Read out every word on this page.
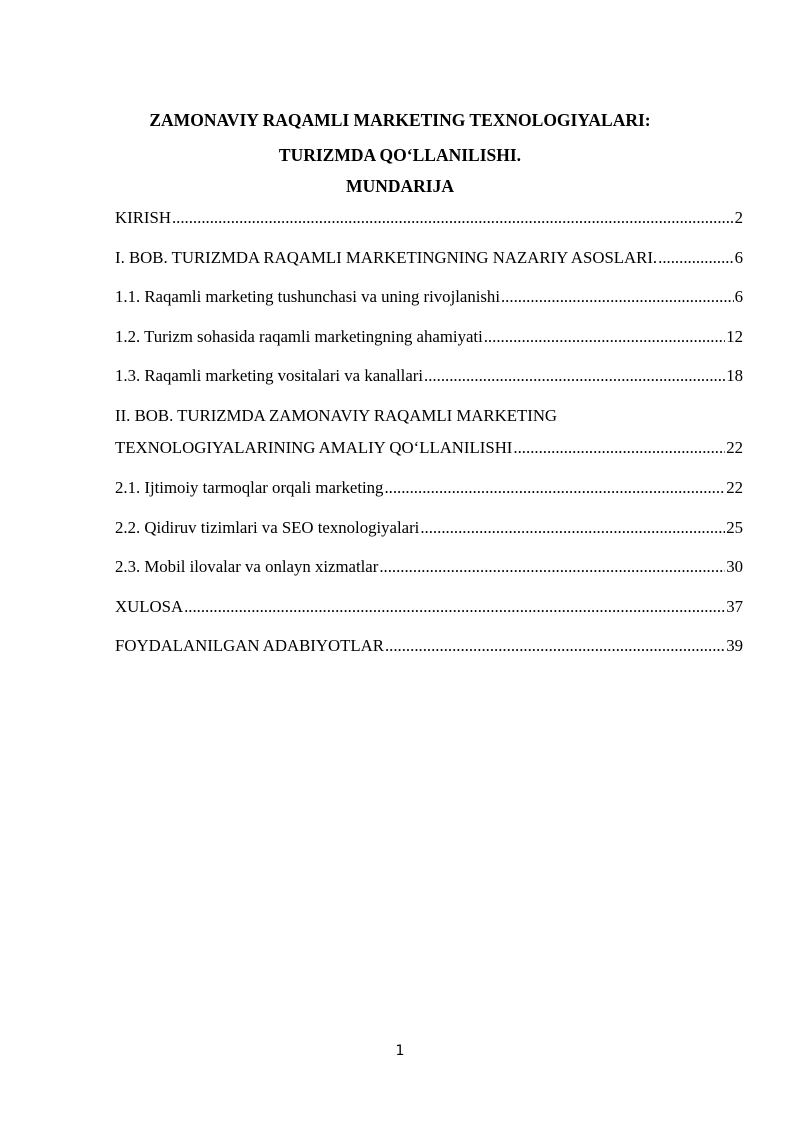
ZAMONAVIY RAQAMLI MARKETING TEXNOLOGIYALARI:
TURIZMDA QO‘LLANILISHI.
MUNDARIJA
KIRISH .....	2
I. BOB. TURIZMDA RAQAMLI MARKETINGNING NAZARIY ASOSLARI. .....	6
1.1. Raqamli marketing tushunchasi va uning rivojlanishi .....	6
1.2. Turizm sohasida raqamli marketingning ahamiyati .....	12
1.3. Raqamli marketing vositalari va kanallari .....	18
II. BOB. TURIZMDA ZAMONAVIY RAQAMLI MARKETING
TEXNOLOGIYALARINING AMALIY QO‘LLANILISHI .....	22
2.1. Ijtimoiy tarmoqlar orqali marketing .....	22
2.2. Qidiruv tizimlari va SEO texnologiyalari .....	25
2.3. Mobil ilovalar va onlayn xizmatlar .....	30
XULOSA .....	37
FOYDALANILGAN ADABIYOTLAR .....	39
1
